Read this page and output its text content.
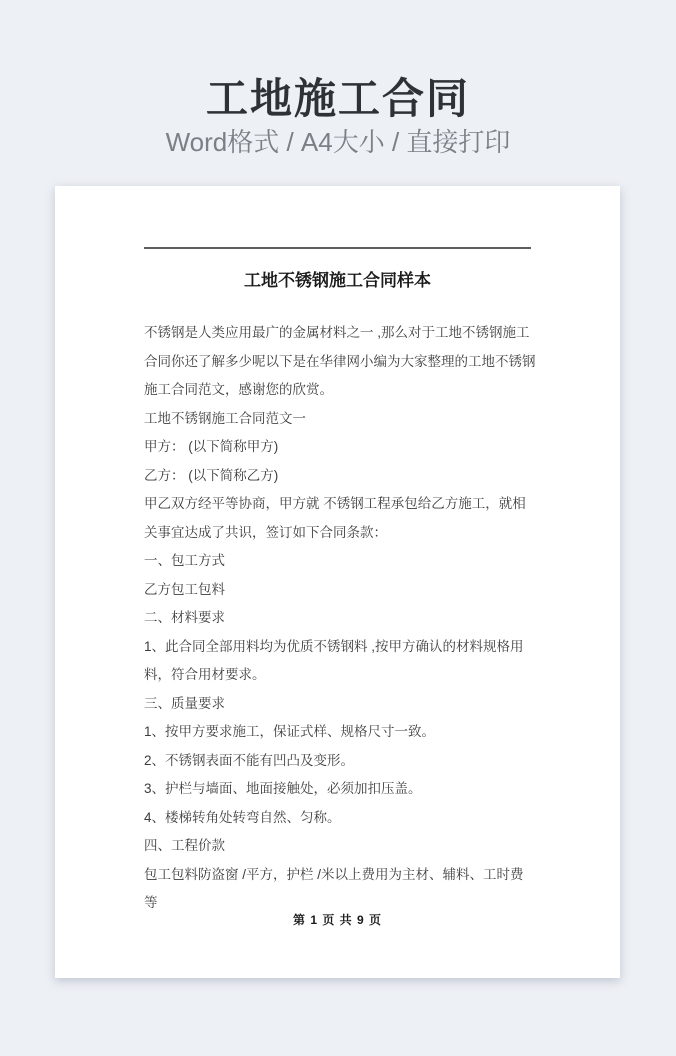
工地施工合同
Word格式 / A4大小 / 直接打印
工地不锈钢施工合同样本

不锈钢是人类应用最广的金属材料之一 ,那么对于工地不锈钢施工合同你还了解多少呢以下是在华律网小编为大家整理的工地不锈钢施工合同范文，感谢您的欣赏。

工地不锈钢施工合同范文一

甲方： (以下简称甲方)

乙方： (以下简称乙方)

甲乙双方经平等协商，甲方就 不锈钢工程承包给乙方施工，就相关事宜达成了共识，签订如下合同条款：

一、包工方式

乙方包工包料

二、材料要求

1、此合同全部用料均为优质不锈钢料 ,按甲方确认的材料规格用料，符合用材要求。

三、质量要求

1、按甲方要求施工，保证式样、规格尺寸一致。

2、不锈钢表面不能有凹凸及变形。

3、护栏与墙面、地面接触处，必须加扣压盖。

4、楼梯转角处转弯自然、匀称。

四、工程价款

包工包料防盗窗 /平方，护栏 /米以上费用为主材、辅料、工时费等

第 1 页 共 9 页
